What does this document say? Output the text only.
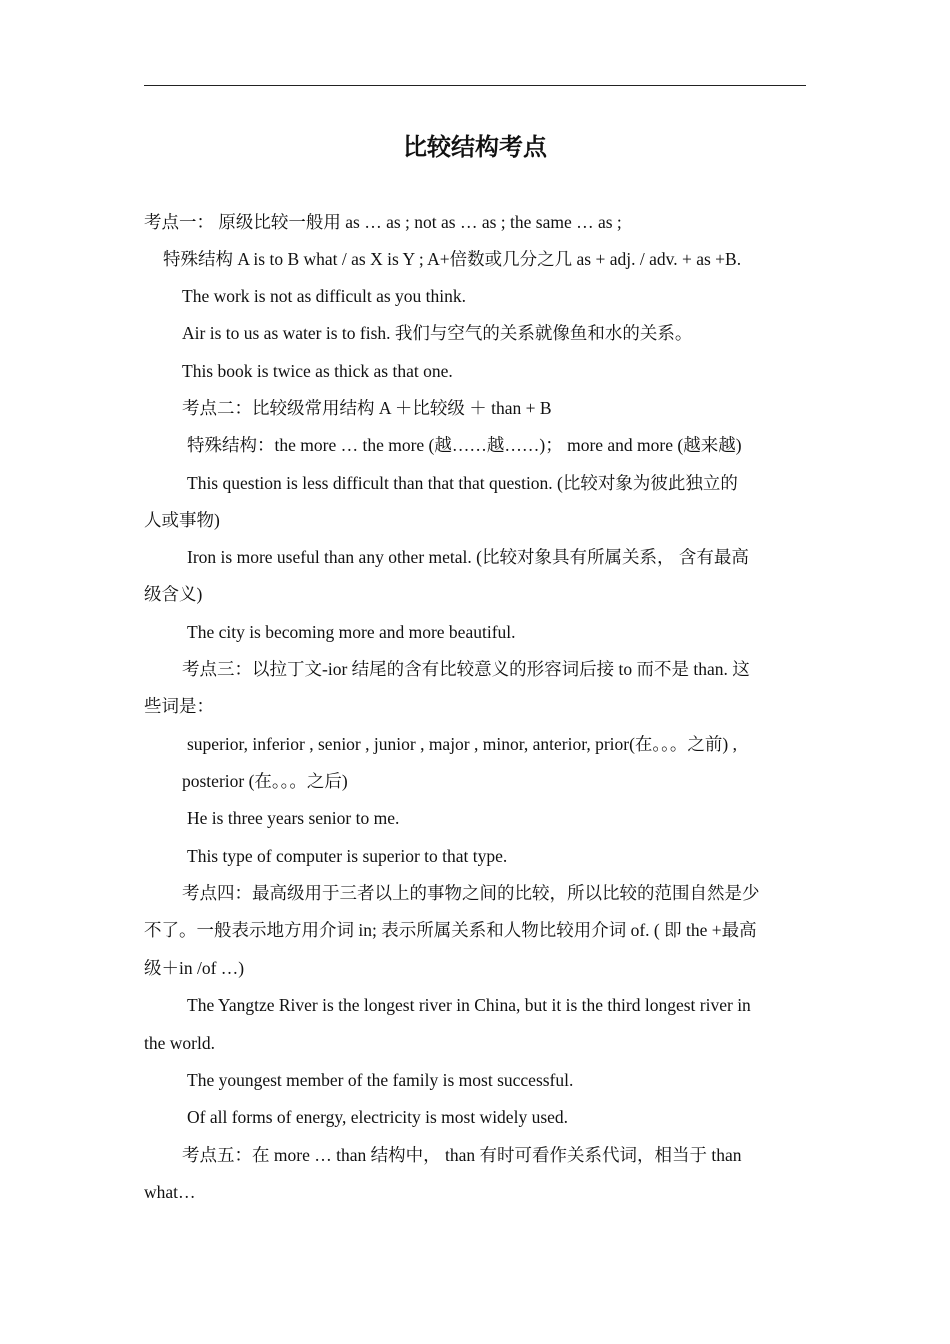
比较结构考点
考点一： 原级比较一般用 as … as ; not as … as ; the same … as ;
特殊结构 A is to B what / as X is Y ; A+倍数或几分之几 as + adj. / adv. + as +B.
The work is not as difficult as you think.
Air is to us as water is to fish. 我们与空气的关系就像鱼和水的关系。
This book is twice as thick as that one.
考点二：比较级常用结构 A ＋比较级 ＋ than + B
特殊结构：the more … the more (越……越……)； more and more (越来越)
This question is less difficult than that that question. (比较对象为彼此独立的
人或事物)
Iron is more useful than any other metal. (比较对象具有所属关系， 含有最高
级含义)
The city is becoming more and more beautiful.
考点三：以拉丁文-ior 结尾的含有比较意义的形容词后接 to 而不是 than. 这
些词是：
superior, inferior , senior , junior , major , minor, anterior, prior(在。。。之前) ,
posterior (在。。。之后)
He is three years senior to me.
This type of computer is superior to that type.
考点四：最高级用于三者以上的事物之间的比较，所以比较的范围自然是少
不了。一般表示地方用介词 in; 表示所属关系和人物比较用介词 of. ( 即 the +最高
级＋in /of …)
The Yangtze River is the longest river in China, but it is the third longest river in
the world.
The youngest member of the family is most successful.
Of all forms of energy, electricity is most widely used.
考点五：在 more … than 结构中， than 有时可看作关系代词，相当于 than
what…
